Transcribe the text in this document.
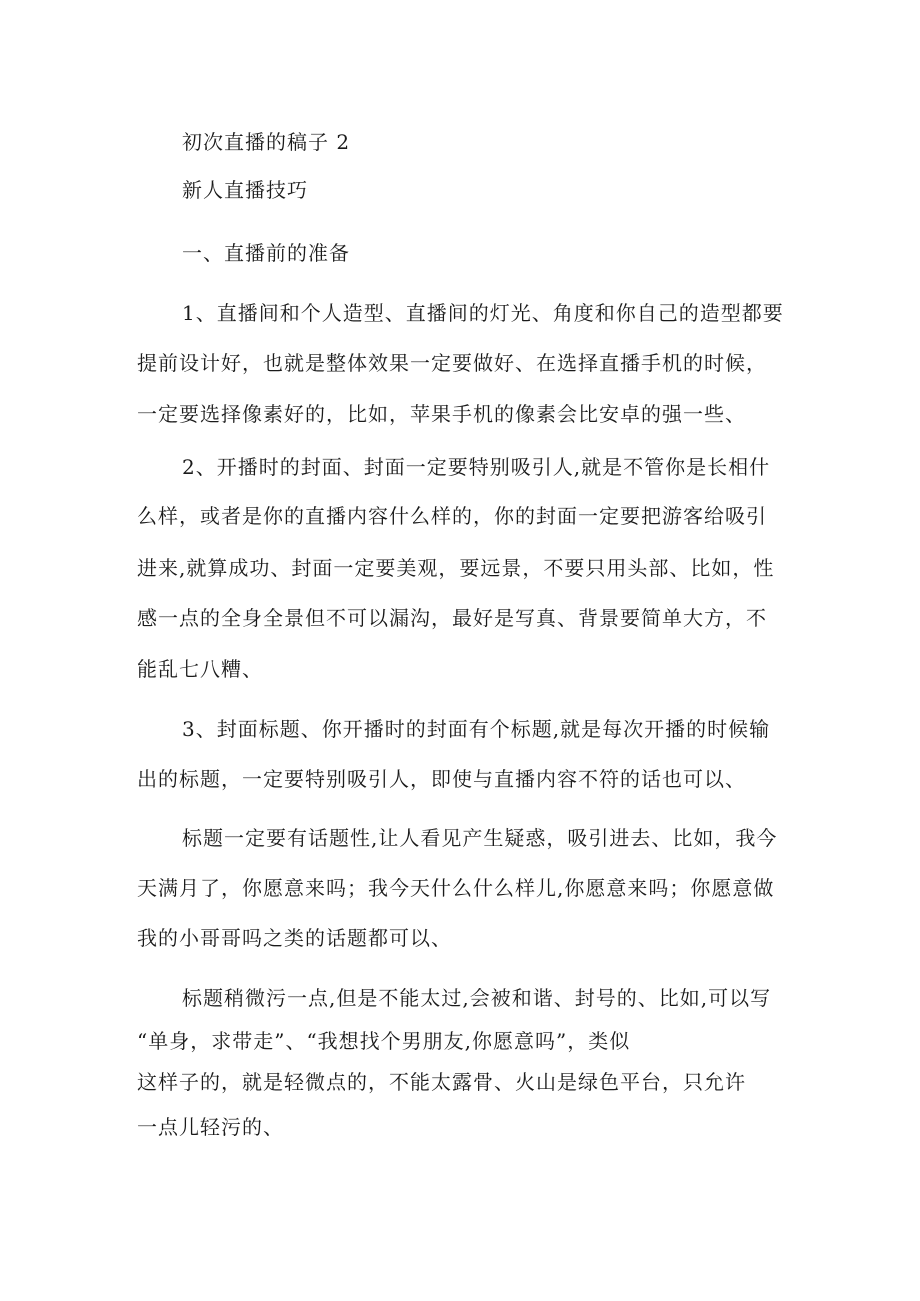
初次直播的稿子 2
新人直播技巧
一、直播前的准备
1、直播间和个人造型、直播间的灯光、角度和你自己的造型都要
提前设计好，也就是整体效果一定要做好、在选择直播手机的时候，
一定要选择像素好的，比如，苹果手机的像素会比安卓的强一些、
2、开播时的封面、封面一定要特别吸引人,就是不管你是长相什
么样，或者是你的直播内容什么样的，你的封面一定要把游客给吸引
进来,就算成功、封面一定要美观，要远景，不要只用头部、比如，性
感一点的全身全景但不可以漏沟，最好是写真、背景要简单大方，不
能乱七八糟、
3、封面标题、你开播时的封面有个标题,就是每次开播的时候输
出的标题，一定要特别吸引人，即使与直播内容不符的话也可以、
标题一定要有话题性,让人看见产生疑惑，吸引进去、比如，我今
天满月了，你愿意来吗；我今天什么什么样儿,你愿意来吗；你愿意做
我的小哥哥吗之类的话题都可以、
标题稍微污一点,但是不能太过,会被和谐、封号的、比如,可以写
“单身，求带走”、“我想找个男朋友,你愿意吗”，类似
这样子的，就是轻微点的，不能太露骨、火山是绿色平台，只允许
一点儿轻污的、
